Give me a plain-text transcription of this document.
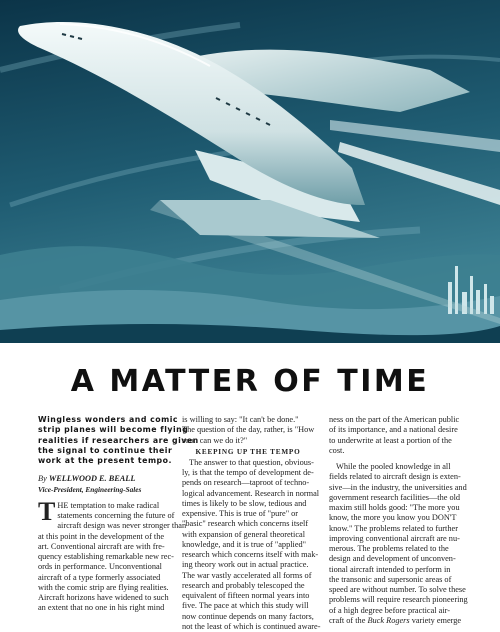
A MATTER OF TIME
Wingless wonders and comic
strip planes will become flying
realities if researchers are given
the signal to continue their
work at the present tempo.
By WELLWOOD E. BEALL
Vice-President, Engineering-Sales
T HE temptation to make radical
statements concerning the future of
aircraft design was never stronger than
at this point in the development of the
art. Conventional aircraft are with fre-
quency establishing remarkable new rec-
ords in performance. Unconventional
aircraft of a type formerly associated
with the comic strip are flying realities.
Aircraft horizons have widened to such
an extent that no one in his right mind
is willing to say: "It can't be done."
The question of the day, rather, is "How
soon can we do it?"
KEEPING UP THE TEMPO
The answer to that question, obvious-
ly, is that the tempo of development de-
pends on research—taproot of techno-
logical advancement. Research in normal
times is likely to be slow, tedious and
expensive. This is true of "pure" or
"basic" research which concerns itself
with expansion of general theoretical
knowledge, and it is true of "applied"
research which concerns itself with mak-
ing theory work out in actual practice.
The war vastly accelerated all forms of
research and probably telescoped the
equivalent of fifteen normal years into
five. The pace at which this study will
now continue depends on many factors,
not the least of which is continued aware-
ness on the part of the American public
of its importance, and a national desire
to underwrite at least a portion of the
cost.
While the pooled knowledge in all
fields related to aircraft design is exten-
sive—in the industry, the universities and
government research facilities—the old
maxim still holds good: "The more you
know, the more you know you DON'T
know." The problems related to further
improving conventional aircraft are nu-
merous. The problems related to the
design and development of unconven-
tional aircraft intended to perform in
the transonic and supersonic areas of
speed are without number. To solve these
problems will require research pioneering
of a high degree before practical air-
craft of the Buck Rogers variety emerge
